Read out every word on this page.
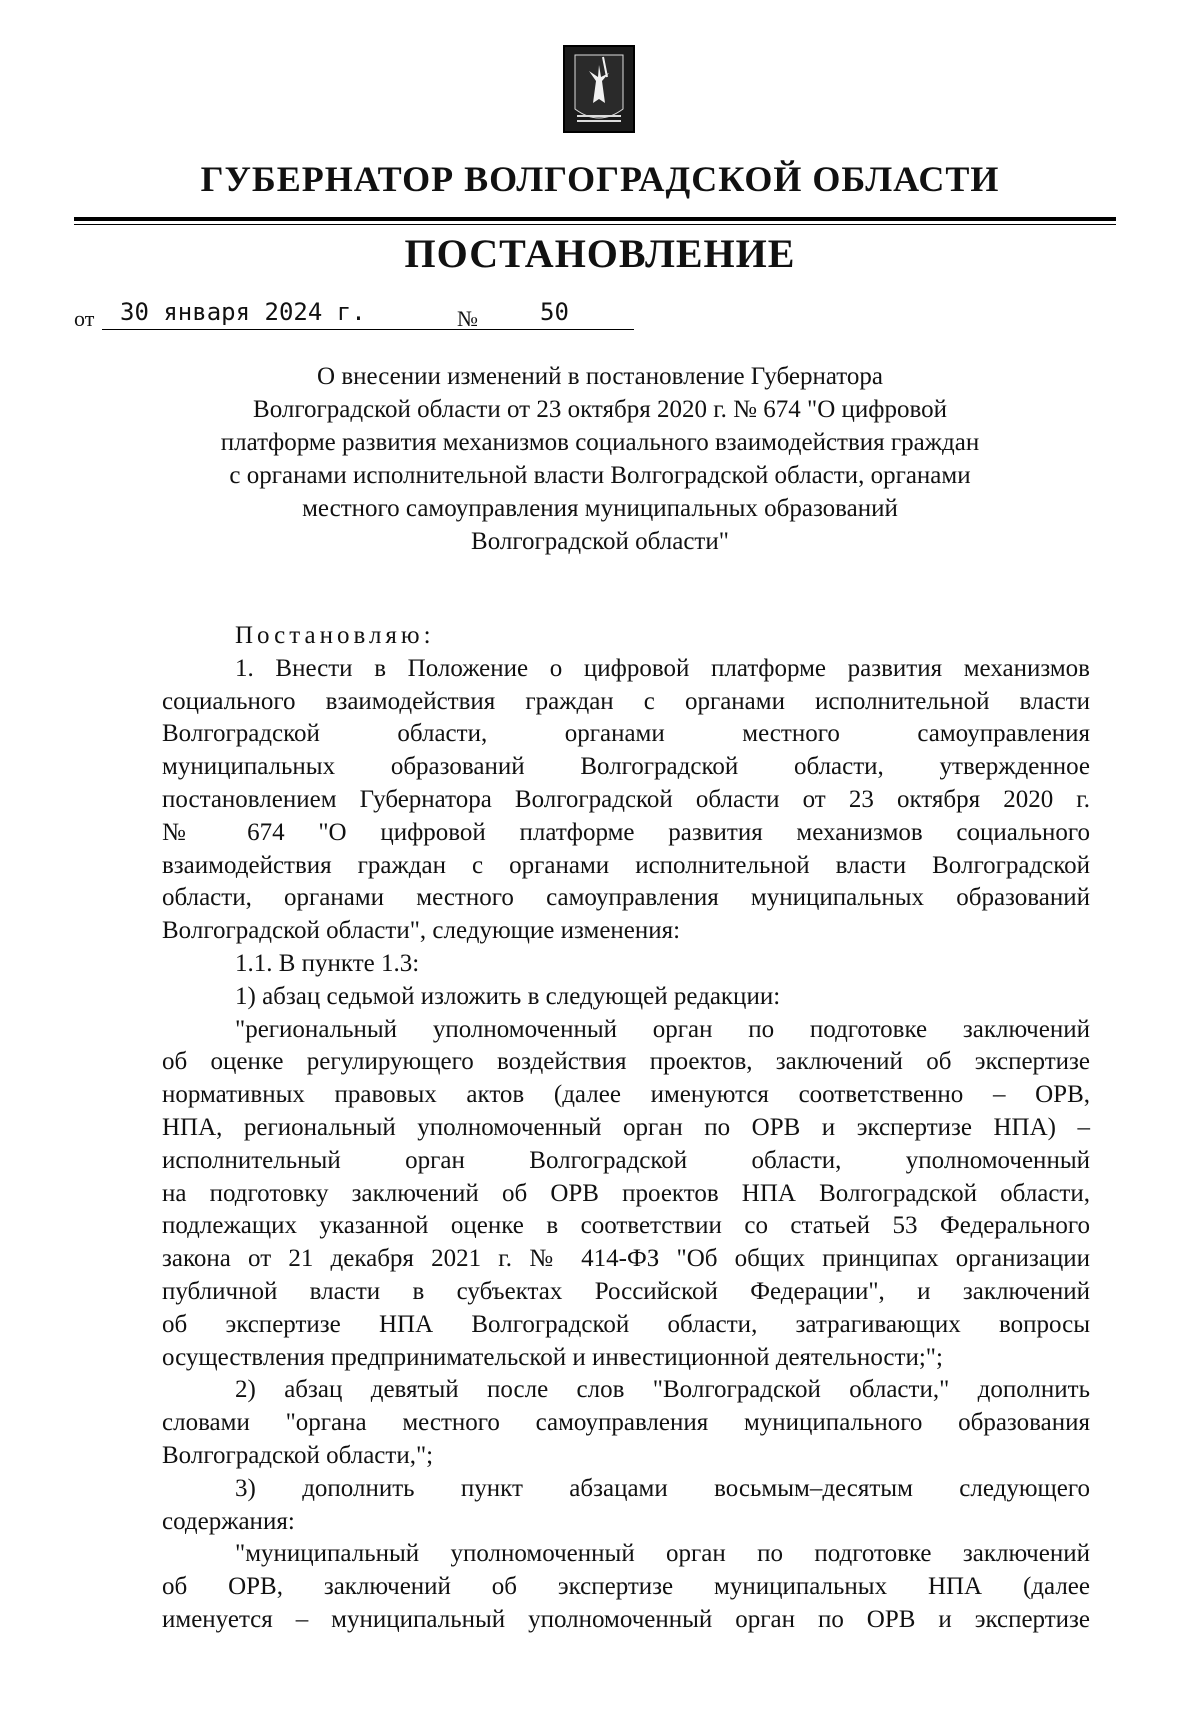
ГУБЕРНАТОР ВОЛГОГРАДСКОЙ ОБЛАСТИ
ПОСТАНОВЛЕНИЕ
от	30 января 2024 г.	№	50
О внесении изменений в постановление Губернатора
Волгоградской области от 23 октября 2020 г. № 674 "О цифровой
платформе развития механизмов социального взаимодействия граждан
с органами исполнительной власти Волгоградской области, органами
местного самоуправления муниципальных образований
Волгоградской области"
Постановляю:
1. Внести в Положение о цифровой платформе развития механизмов
социального взаимодействия граждан с органами исполнительной власти
Волгоградской области, органами местного самоуправления
муниципальных образований Волгоградской области, утвержденное
постановлением Губернатора Волгоградской области от 23 октября 2020 г.
№ 674 "О цифровой платформе развития механизмов социального
взаимодействия граждан с органами исполнительной власти Волгоградской
области, органами местного самоуправления муниципальных образований
Волгоградской области", следующие изменения:
1.1. В пункте 1.3:
1) абзац седьмой изложить в следующей редакции:
"региональный уполномоченный орган по подготовке заключений
об оценке регулирующего воздействия проектов, заключений об экспертизе
нормативных правовых актов (далее именуются соответственно – ОРВ,
НПА, региональный уполномоченный орган по ОРВ и экспертизе НПА) –
исполнительный орган Волгоградской области, уполномоченный
на подготовку заключений об ОРВ проектов НПА Волгоградской области,
подлежащих указанной оценке в соответствии со статьей 53 Федерального
закона от 21 декабря 2021 г. № 414-ФЗ "Об общих принципах организации
публичной власти в субъектах Российской Федерации", и заключений
об экспертизе НПА Волгоградской области, затрагивающих вопросы
осуществления предпринимательской и инвестиционной деятельности;";
2) абзац девятый после слов "Волгоградской области," дополнить
словами "органа местного самоуправления муниципального образования
Волгоградской области,";
3) дополнить пункт абзацами восьмым–десятым следующего
содержания:
"муниципальный уполномоченный орган по подготовке заключений
об ОРВ, заключений об экспертизе муниципальных НПА (далее
именуется – муниципальный уполномоченный орган по ОРВ и экспертизе
